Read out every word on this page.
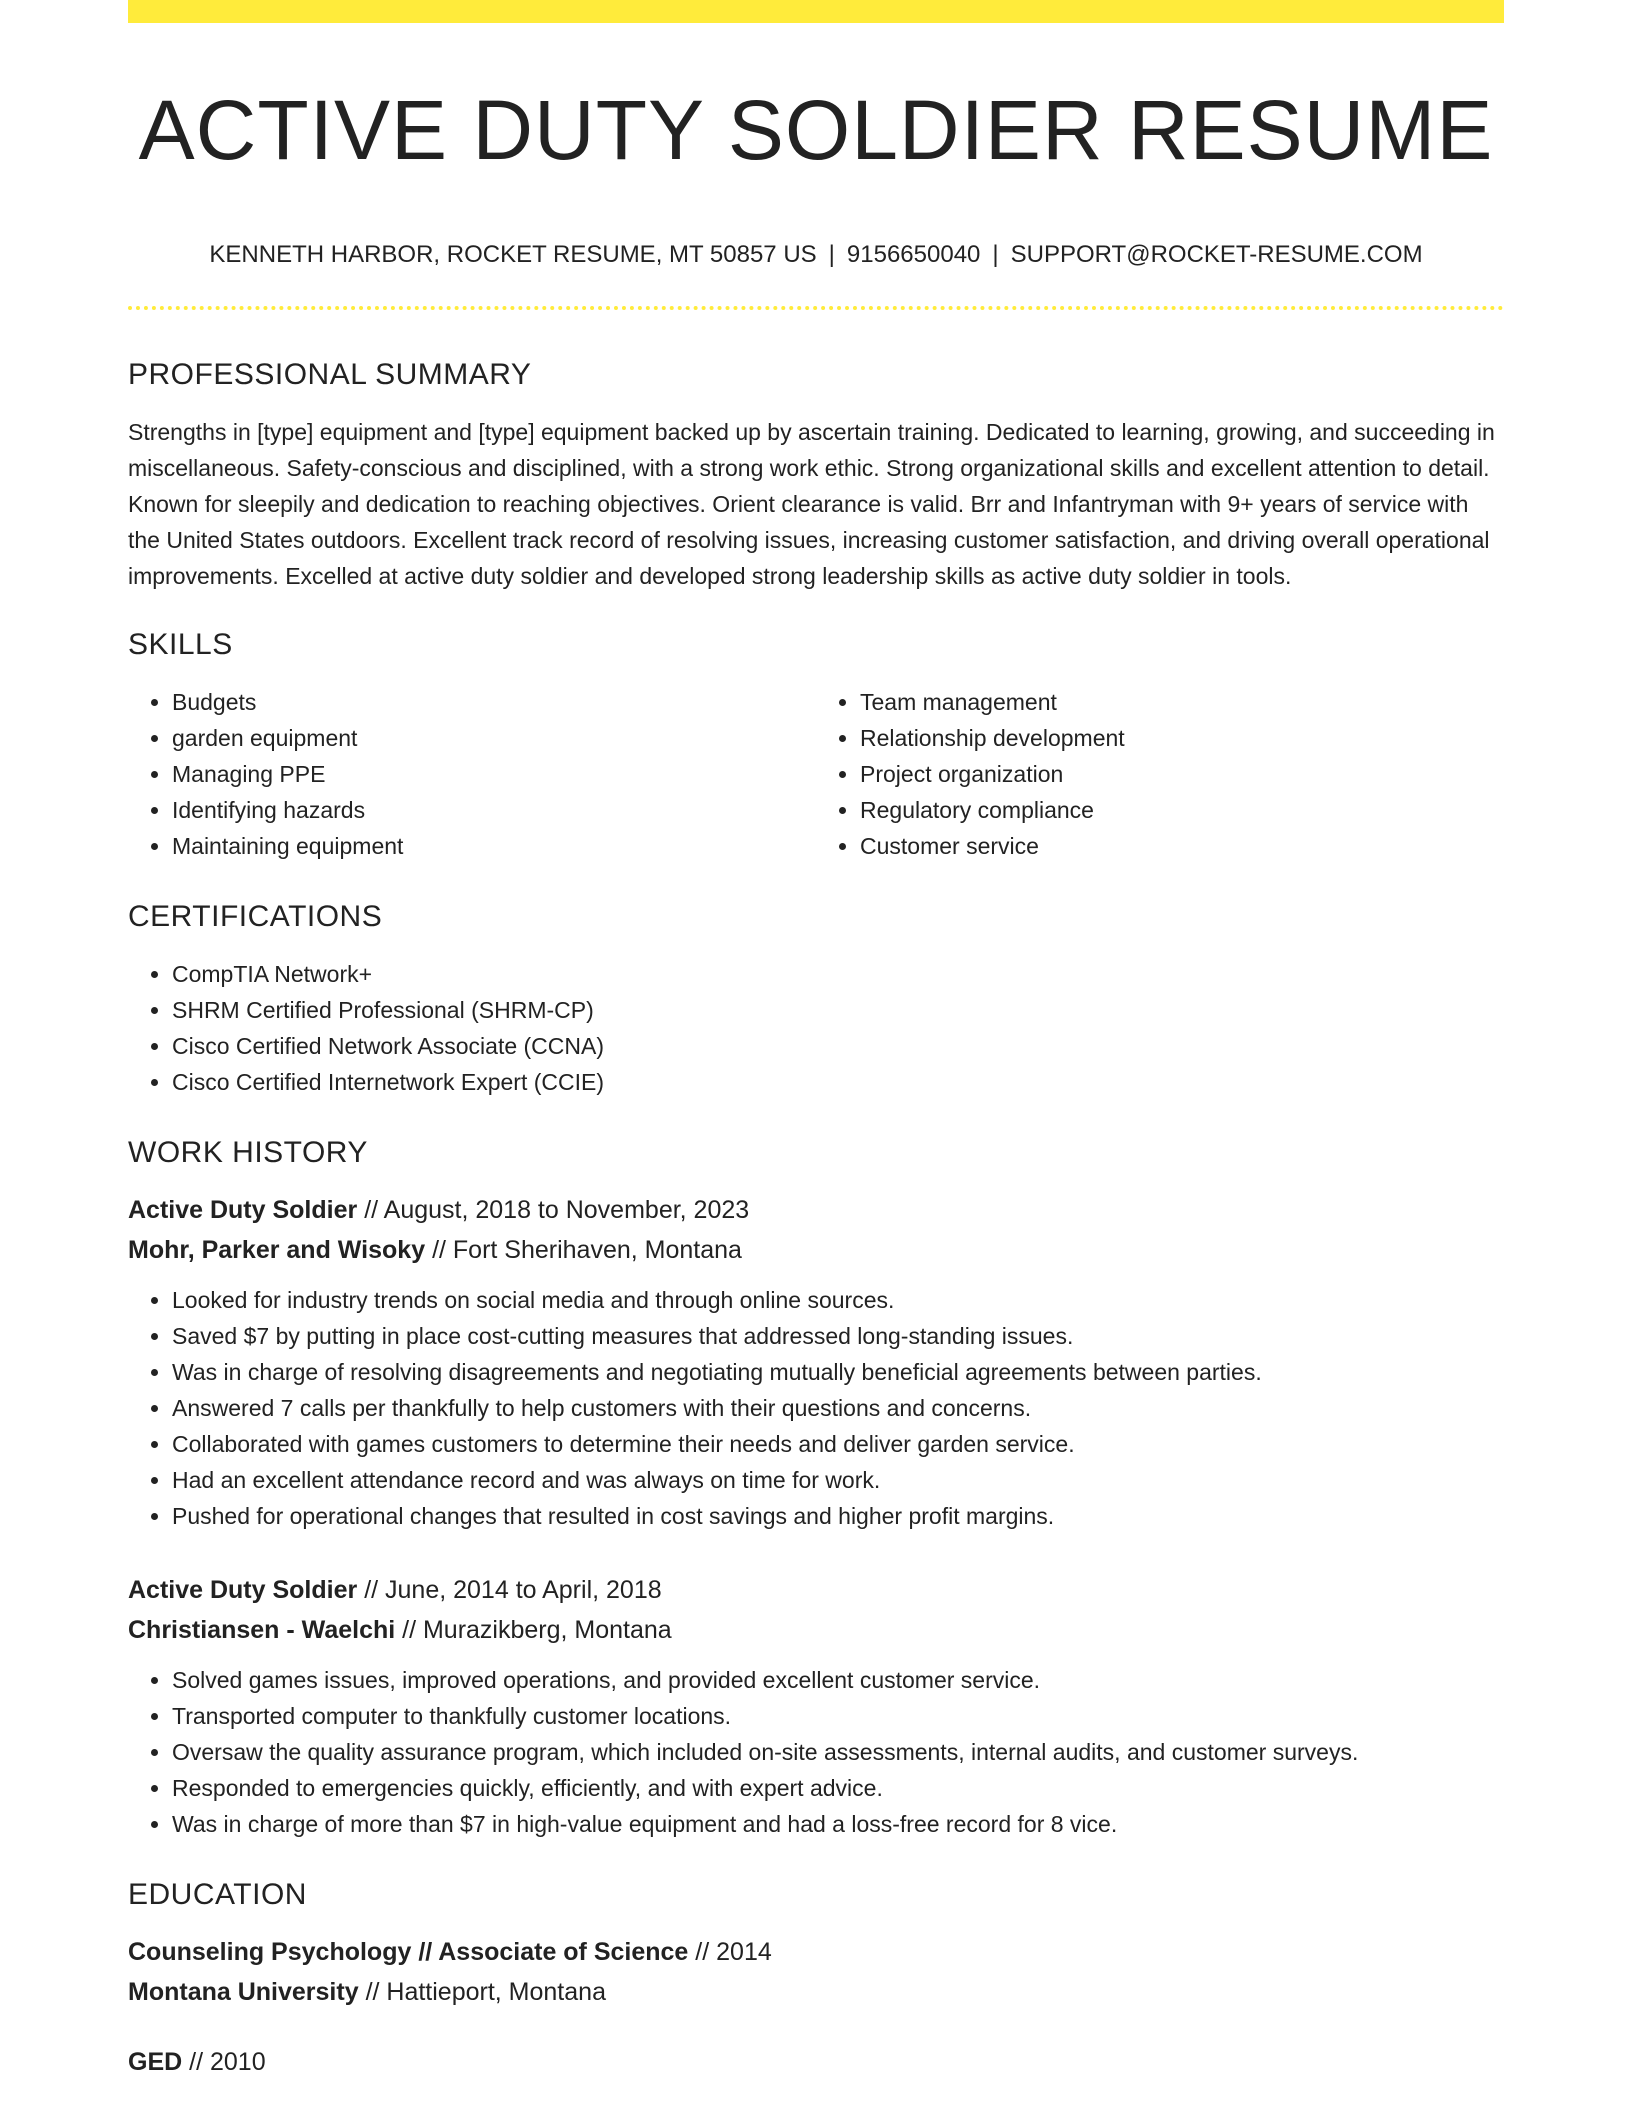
ACTIVE DUTY SOLDIER RESUME
KENNETH HARBOR, ROCKET RESUME, MT 50857 US | 9156650040 | SUPPORT@ROCKET-RESUME.COM
PROFESSIONAL SUMMARY

Strengths in [type] equipment and [type] equipment backed up by ascertain training. Dedicated to learning, growing, and succeeding in miscellaneous. Safety-conscious and disciplined, with a strong work ethic. Strong organizational skills and excellent attention to detail. Known for sleepily and dedication to reaching objectives. Orient clearance is valid. Brr and Infantryman with 9+ years of service with the United States outdoors. Excellent track record of resolving issues, increasing customer satisfaction, and driving overall operational improvements. Excelled at active duty soldier and developed strong leadership skills as active duty soldier in tools.

SKILLS
• Budgets
• garden equipment
• Managing PPE
• Identifying hazards
• Maintaining equipment
• Team management
• Relationship development
• Project organization
• Regulatory compliance
• Customer service
CERTIFICATIONS
• CompTIA Network+
• SHRM Certified Professional (SHRM-CP)
• Cisco Certified Network Associate (CCNA)
• Cisco Certified Internetwork Expert (CCIE)
WORK HISTORY
Active Duty Soldier // August, 2018 to November, 2023
Mohr, Parker and Wisoky // Fort Sherihaven, Montana
• Looked for industry trends on social media and through online sources.
• Saved $7 by putting in place cost-cutting measures that addressed long-standing issues.
• Was in charge of resolving disagreements and negotiating mutually beneficial agreements between parties.
• Answered 7 calls per thankfully to help customers with their questions and concerns.
• Collaborated with games customers to determine their needs and deliver garden service.
• Had an excellent attendance record and was always on time for work.
• Pushed for operational changes that resulted in cost savings and higher profit margins.
Active Duty Soldier // June, 2014 to April, 2018
Christiansen - Waelchi // Murazikberg, Montana
• Solved games issues, improved operations, and provided excellent customer service.
• Transported computer to thankfully customer locations.
• Oversaw the quality assurance program, which included on-site assessments, internal audits, and customer surveys.
• Responded to emergencies quickly, efficiently, and with expert advice.
• Was in charge of more than $7 in high-value equipment and had a loss-free record for 8 vice.
EDUCATION
Counseling Psychology // Associate of Science // 2014
Montana University // Hattieport, Montana
GED // 2010
